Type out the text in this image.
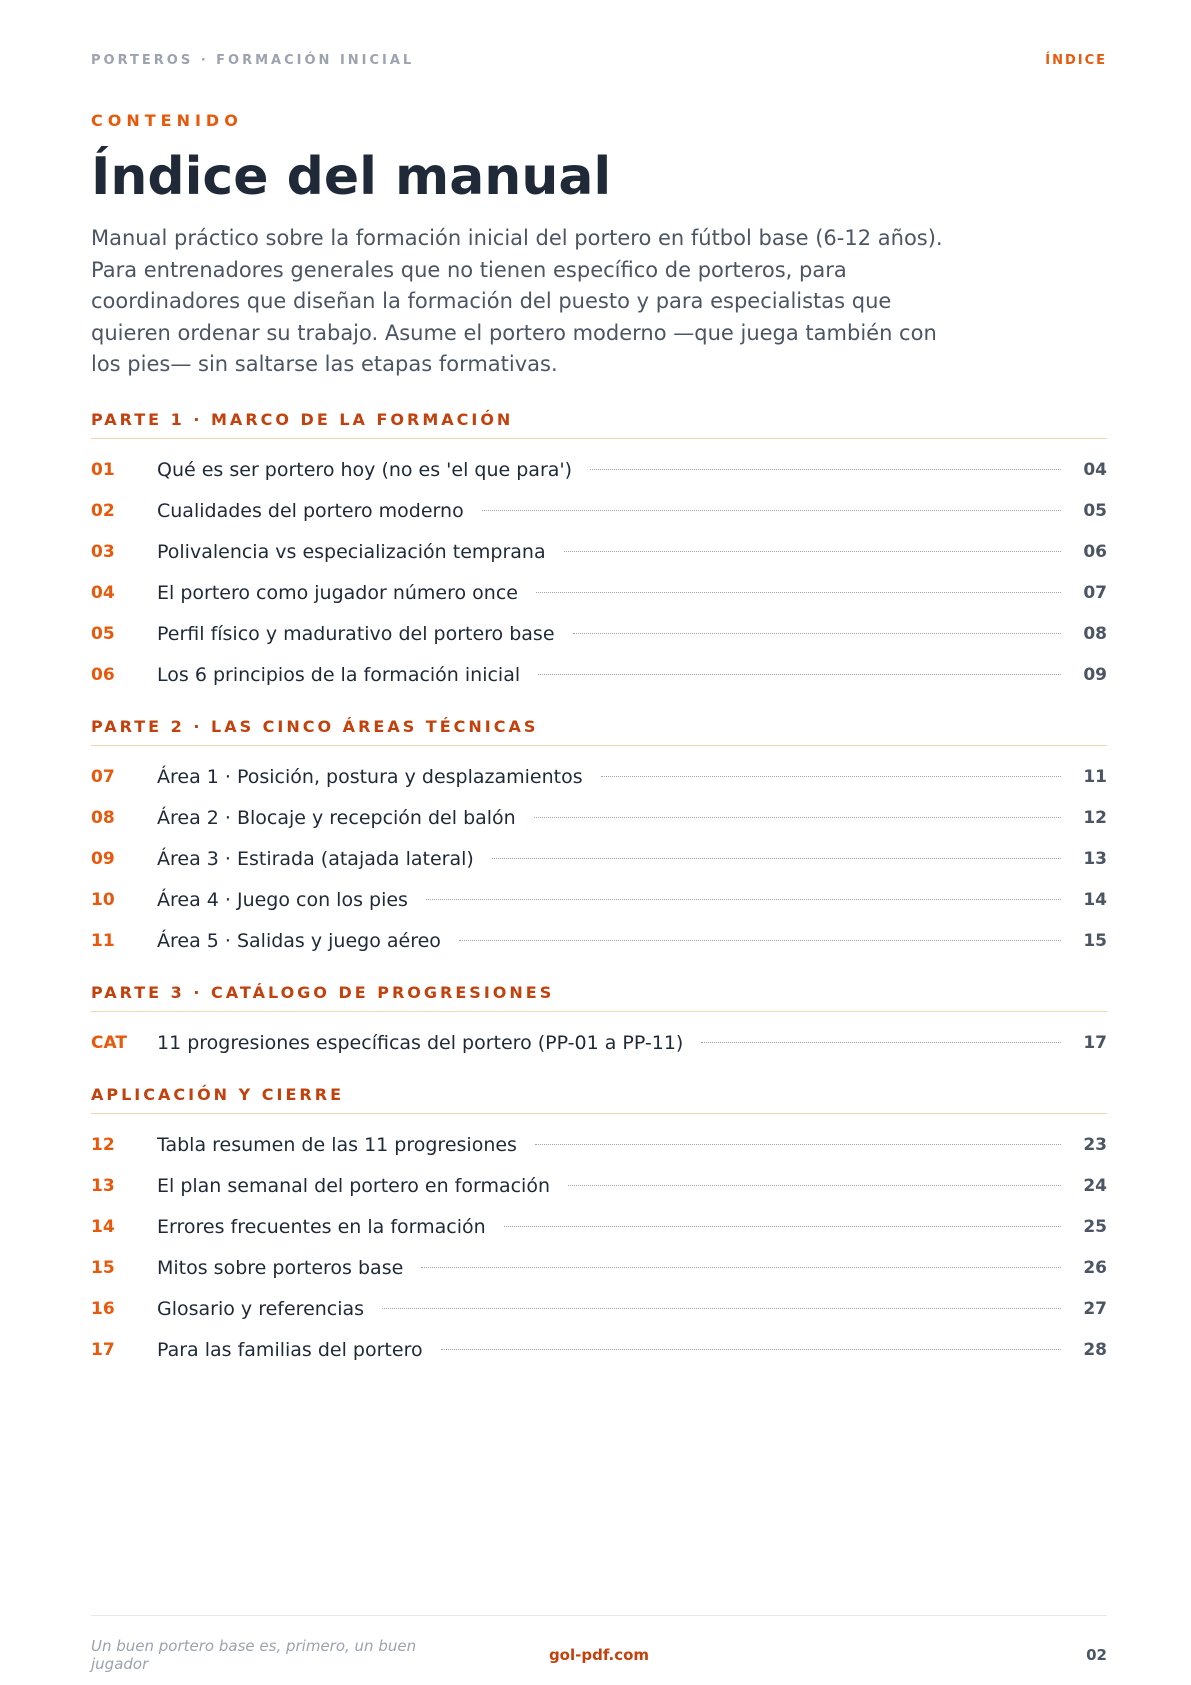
PORTEROS · FORMACIÓN INICIAL	ÍNDICE
CONTENIDO
Índice del manual

Manual práctico sobre la formación inicial del portero en fútbol base (6-12 años). Para entrenadores generales que no tienen específico de porteros, para coordinadores que diseñan la formación del puesto y para especialistas que quieren ordenar su trabajo. Asume el portero moderno —que juega también con los pies— sin saltarse las etapas formativas.

PARTE 1 · MARCO DE LA FORMACIÓN
01	Qué es ser portero hoy (no es 'el que para')	04
02	Cualidades del portero moderno	05
03	Polivalencia vs especialización temprana	06
04	El portero como jugador número once	07
05	Perfil físico y madurativo del portero base	08
06	Los 6 principios de la formación inicial	09
PARTE 2 · LAS CINCO ÁREAS TÉCNICAS
07	Área 1 · Posición, postura y desplazamientos	11
08	Área 2 · Blocaje y recepción del balón	12
09	Área 3 · Estirada (atajada lateral)	13
10	Área 4 · Juego con los pies	14
11	Área 5 · Salidas y juego aéreo	15
PARTE 3 · CATÁLOGO DE PROGRESIONES
CAT	11 progresiones específicas del portero (PP-01 a PP-11)	17
APLICACIÓN Y CIERRE
12	Tabla resumen de las 11 progresiones	23
13	El plan semanal del portero en formación	24
14	Errores frecuentes en la formación	25
15	Mitos sobre porteros base	26
16	Glosario y referencias	27
17	Para las familias del portero	28
Un buen portero base es, primero, un buen jugador	gol-pdf.com	02
